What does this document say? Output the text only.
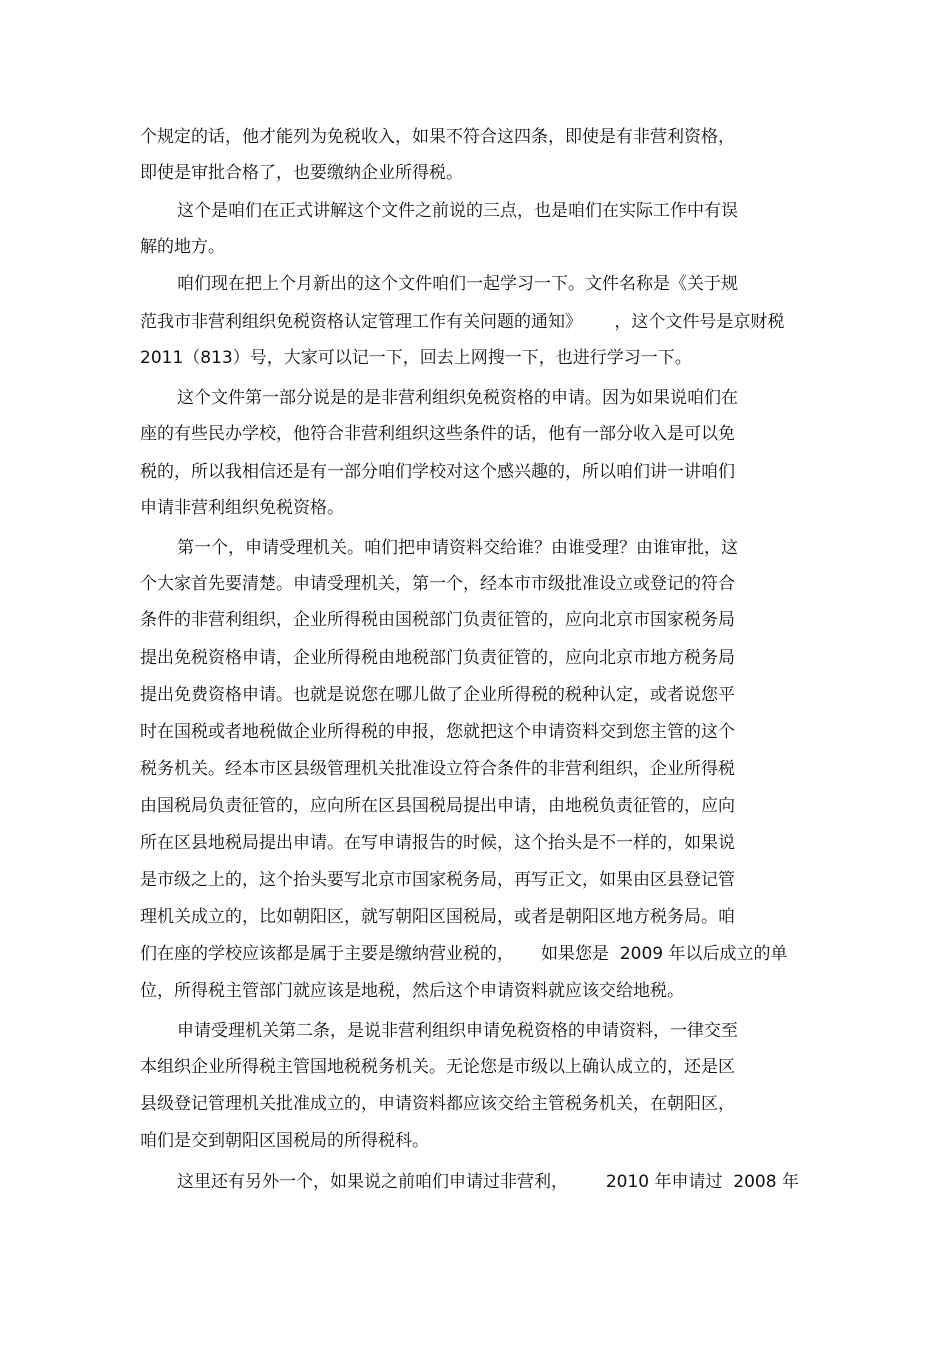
个规定的话，他才能列为免税收入，如果不符合这四条，即使是有非营利资格，
即使是审批合格了，也要缴纳企业所得税。
这个是咱们在正式讲解这个文件之前说的三点，也是咱们在实际工作中有误
解的地方。
咱们现在把上个月新出的这个文件咱们一起学习一下。文件名称是《关于规
范我市非营利组织免税资格认定管理工作有关问题的通知》      ，这个文件号是京财税
2011（813）号，大家可以记一下，回去上网搜一下，也进行学习一下。
这个文件第一部分说是的是非营利组织免税资格的申请。因为如果说咱们在
座的有些民办学校，他符合非营利组织这些条件的话，他有一部分收入是可以免
税的，所以我相信还是有一部分咱们学校对这个感兴趣的，所以咱们讲一讲咱们
申请非营利组织免税资格。
第一个，申请受理机关。咱们把申请资料交给谁？由谁受理？由谁审批，这
个大家首先要清楚。申请受理机关，第一个，经本市市级批准设立或登记的符合
条件的非营利组织，企业所得税由国税部门负责征管的，应向北京市国家税务局
提出免税资格申请，企业所得税由地税部门负责征管的，应向北京市地方税务局
提出免费资格申请。也就是说您在哪儿做了企业所得税的税种认定，或者说您平
时在国税或者地税做企业所得税的申报，您就把这个申请资料交到您主管的这个
税务机关。经本市区县级管理机关批准设立符合条件的非营利组织，企业所得税
由国税局负责征管的，应向所在区县国税局提出申请，由地税负责征管的，应向
所在区县地税局提出申请。在写申请报告的时候，这个抬头是不一样的，如果说
是市级之上的，这个抬头要写北京市国家税务局，再写正文，如果由区县登记管
理机关成立的，比如朝阳区，就写朝阳区国税局，或者是朝阳区地方税务局。咱
们在座的学校应该都是属于主要是缴纳营业税的，     如果您是  2009 年以后成立的单
位，所得税主管部门就应该是地税，然后这个申请资料就应该交给地税。
申请受理机关第二条，是说非营利组织申请免税资格的申请资料，一律交至
本组织企业所得税主管国地税税务机关。无论您是市级以上确认成立的，还是区
县级登记管理机关批准成立的，申请资料都应该交给主管税务机关，在朝阳区，
咱们是交到朝阳区国税局的所得税科。
这里还有另外一个，如果说之前咱们申请过非营利，       2010 年申请过  2008 年
